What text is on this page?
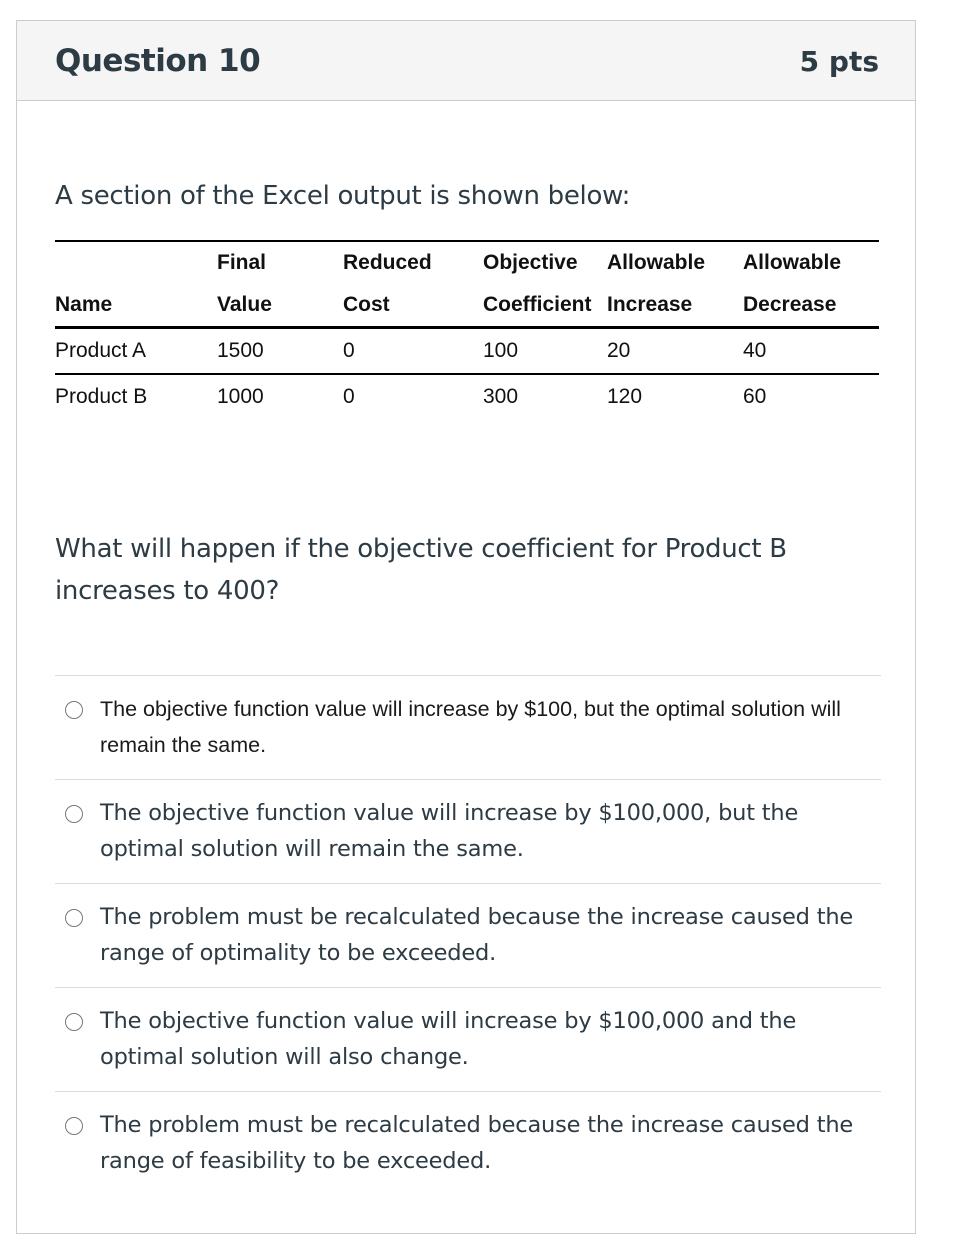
Question 10	5 pts
A section of the Excel output is shown below:
	Final	Reduced	Objective	Allowable	Allowable
Name	Value	Cost	Coefficient	Increase	Decrease
Product A	1500	0	100	20	40
Product B	1000	0	300	120	60
What will happen if the objective coefficient for Product B increases to 400?
The objective function value will increase by $100, but the optimal solution will remain the same.
The objective function value will increase by $100,000, but the optimal solution will remain the same.
The problem must be recalculated because the increase caused the range of optimality to be exceeded.
The objective function value will increase by $100,000 and the optimal solution will also change.
The problem must be recalculated because the increase caused the range of feasibility to be exceeded.
